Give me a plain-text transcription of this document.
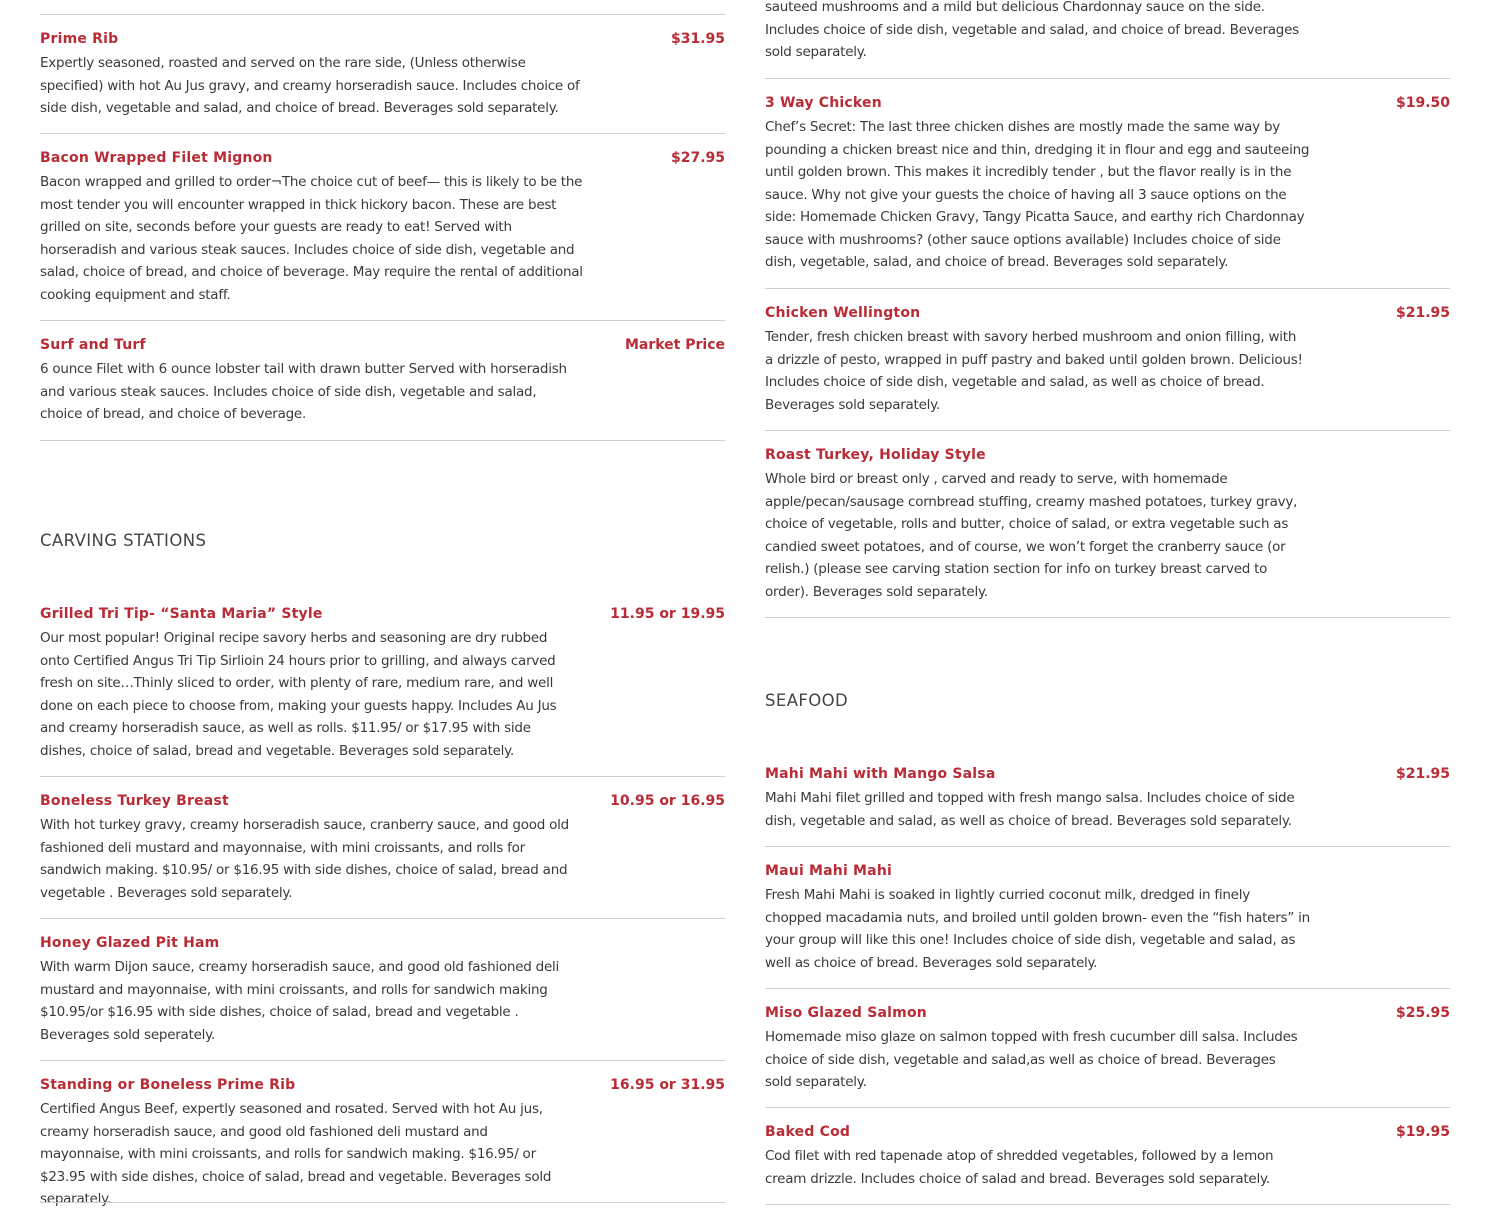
Prime Rib	$31.95
Expertly seasoned, roasted and served on the rare side, (Unless otherwise specified) with hot Au Jus gravy, and creamy horseradish sauce. Includes choice of side dish, vegetable and salad, and choice of bread. Beverages sold separately.
Bacon Wrapped Filet Mignon	$27.95
Bacon wrapped and grilled to order¬The choice cut of beef— this is likely to be the most tender you will encounter wrapped in thick hickory bacon. These are best grilled on site, seconds before your guests are ready to eat! Served with horseradish and various steak sauces. Includes choice of side dish, vegetable and salad, choice of bread, and choice of beverage. May require the rental of additional cooking equipment and staff.
Surf and Turf	Market Price
6 ounce Filet with 6 ounce lobster tail with drawn butter Served with horseradish and various steak sauces. Includes choice of side dish, vegetable and salad, choice of bread, and choice of beverage.
CARVING STATIONS
Grilled Tri Tip- “Santa Maria” Style	11.95 or 19.95
Our most popular! Original recipe savory herbs and seasoning are dry rubbed onto Certified Angus Tri Tip Sirlioin 24 hours prior to grilling, and always carved fresh on site…Thinly sliced to order, with plenty of rare, medium rare, and well done on each piece to choose from, making your guests happy. Includes Au Jus and creamy horseradish sauce, as well as rolls. $11.95/ or $17.95 with side dishes, choice of salad, bread and vegetable. Beverages sold separately.
Boneless Turkey Breast	10.95 or 16.95
With hot turkey gravy, creamy horseradish sauce, cranberry sauce, and good old fashioned deli mustard and mayonnaise, with mini croissants, and rolls for sandwich making. $10.95/ or $16.95 with side dishes, choice of salad, bread and vegetable . Beverages sold separately.
Honey Glazed Pit Ham
With warm Dijon sauce, creamy horseradish sauce, and good old fashioned deli mustard and mayonnaise, with mini croissants, and rolls for sandwich making $10.95/or $16.95 with side dishes, choice of salad, bread and vegetable . Beverages sold seperately.
Standing or Boneless Prime Rib	16.95 or 31.95
Certified Angus Beef, expertly seasoned and rosated. Served with hot Au jus, creamy horseradish sauce, and good old fashioned deli mustard and mayonnaise, with mini croissants, and rolls for sandwich making. $16.95/ or $23.95 with side dishes, choice of salad, bread and vegetable. Beverages sold separately.
sauteed mushrooms and a mild but delicious Chardonnay sauce on the side. Includes choice of side dish, vegetable and salad, and choice of bread. Beverages sold separately.
3 Way Chicken	$19.50
Chef’s Secret: The last three chicken dishes are mostly made the same way by pounding a chicken breast nice and thin, dredging it in flour and egg and sauteeing until golden brown. This makes it incredibly tender , but the flavor really is in the sauce. Why not give your guests the choice of having all 3 sauce options on the side: Homemade Chicken Gravy, Tangy Picatta Sauce, and earthy rich Chardonnay sauce with mushrooms? (other sauce options available) Includes choice of side dish, vegetable, salad, and choice of bread. Beverages sold separately.
Chicken Wellington	$21.95
Tender, fresh chicken breast with savory herbed mushroom and onion filling, with a drizzle of pesto, wrapped in puff pastry and baked until golden brown. Delicious! Includes choice of side dish, vegetable and salad, as well as choice of bread. Beverages sold separately.
Roast Turkey, Holiday Style
Whole bird or breast only , carved and ready to serve, with homemade apple/pecan/sausage cornbread stuffing, creamy mashed potatoes, turkey gravy, choice of vegetable, rolls and butter, choice of salad, or extra vegetable such as candied sweet potatoes, and of course, we won’t forget the cranberry sauce (or relish.) (please see carving station section for info on turkey breast carved to order). Beverages sold separately.
SEAFOOD
Mahi Mahi with Mango Salsa	$21.95
Mahi Mahi filet grilled and topped with fresh mango salsa. Includes choice of side dish, vegetable and salad, as well as choice of bread. Beverages sold separately.
Maui Mahi Mahi
Fresh Mahi Mahi is soaked in lightly curried coconut milk, dredged in finely chopped macadamia nuts, and broiled until golden brown- even the “fish haters” in your group will like this one! Includes choice of side dish, vegetable and salad, as well as choice of bread. Beverages sold separately.
Miso Glazed Salmon	$25.95
Homemade miso glaze on salmon topped with fresh cucumber dill salsa. Includes choice of side dish, vegetable and salad,as well as choice of bread. Beverages sold separately.
Baked Cod	$19.95
Cod filet with red tapenade atop of shredded vegetables, followed by a lemon cream drizzle. Includes choice of salad and bread. Beverages sold separately.
